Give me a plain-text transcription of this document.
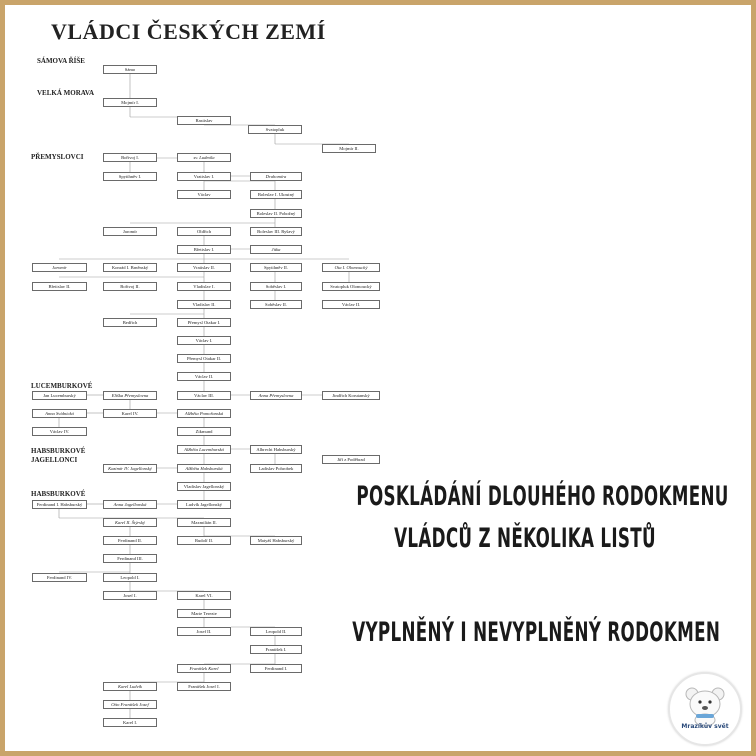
VLÁDCI ČESKÝCH ZEMÍ
SÁMOVA ŘÍŠE
VELKÁ MORAVA
PŘEMYSLOVCI
LUCEMBURKOVÉ
HABSBURKOVÉ
JAGELLONCI
HABSBURKOVÉ
Sámo
Mojmír I.
Rastislav
Svatopluk
Mojmír II.
Bořivoj I.	sv. Ludmila
Spytihněv I.	Vratislav I.	Drahomíra
Václav	Boleslav I. Ukrutný
Boleslav II. Pobožný
Jaromír	Oldřich	Boleslav III. Ryšavý
Břetislav I.	Jitka
Jaromír	Konrád I. Brněnský	Vratislav II.	Spytihněv II.	Ota I. Olomoucký
Břetislav II.	Bořivoj II.	Vladislav I.	Soběslav I.	Svatopluk Olomoucký
Vladislav II.	Soběslav II.	Václav II.
Bedřich	Přemysl Otakar I.
Václav I.
Přemysl Otakar II.
Václav II.
Jan Lucemburský	Eliška Přemyslovna	Václav III.	Anna Přemyslovna	Jindřich Korutanský
Anna Svídnická	Karel IV.	Alžběta Pomořanská
Václav IV.	Zikmund
Alžběta Lucemburská	Albrecht Habsburský
Jiří z Poděbrad
Kazimír IV. Jagellonský	Alžběta Habsburská	Ladislav Pohrobek
Vladislav Jagellonský
Ferdinand I. Habsburský	Anna Jagellonská	Ludvík Jagellonský
Karel II. Štýrský	Maxmilián II.
Ferdinand II.	Rudolf II.	Matyáš Habsburský
Ferdinand III.
Ferdinand IV.	Leopold I.
Josef I.	Karel VI.
Marie Terezie
Josef II.	Leopold II.
František I.
František Karel	Ferdinand I.
Karel Ludvík	František Josef I.
Otto František Josef
Karel I.
POSKLÁDÁNÍ DLOUHÉHO RODOKMENU
VLÁDCŮ Z NĚKOLIKA LISTŮ
VYPLNĚNÝ I NEVYPLNĚNÝ RODOKMEN
Mrazíkův svět
